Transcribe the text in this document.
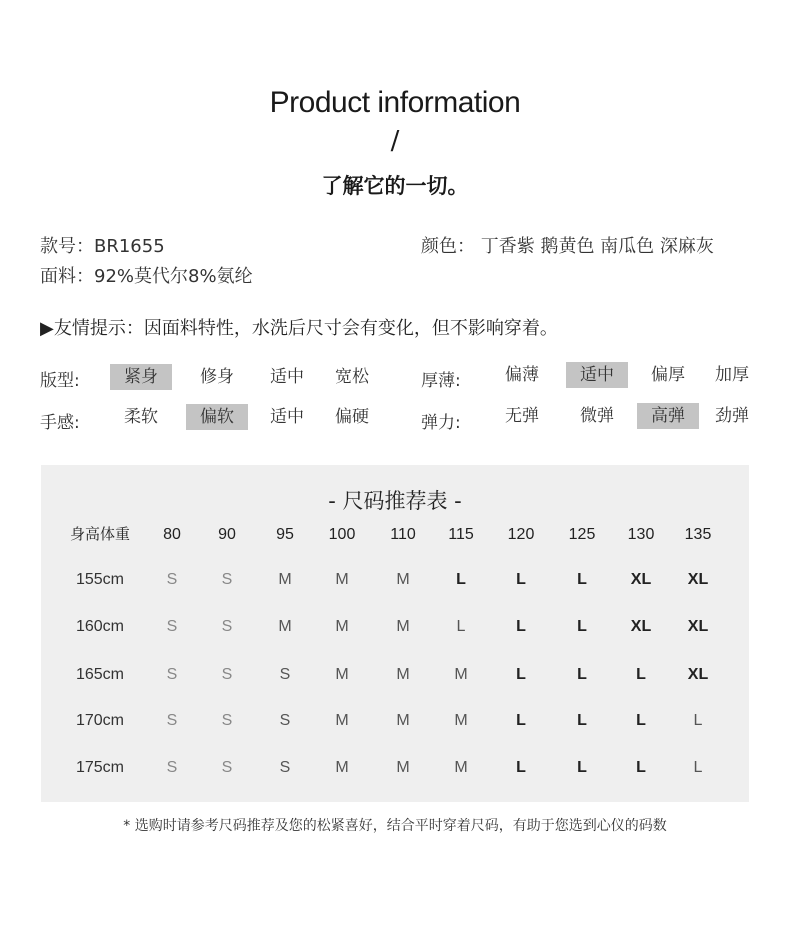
Product information
/
了解它的一切。
款号：BR1655
面料：92%莫代尔8%氨纶
颜色： 丁香紫 鹅黄色 南瓜色 深麻灰
▶友情提示：因面料特性，水洗后尺寸会有变化，但不影响穿着。
版型:	紧身	修身	适中	宽松	厚薄:	偏薄	适中	偏厚	加厚
手感:	柔软	偏软	适中	偏硬	弹力:	无弹	微弹	高弹	劲弹
- 尺码推荐表 -
身高体重	80	90	95	100	110	115	120	125	130	135
155cm	S	S	M	M	M	L	L	L	XL	XL
160cm	S	S	M	M	M	L	L	L	XL	XL
165cm	S	S	S	M	M	M	L	L	L	XL
170cm	S	S	S	M	M	M	L	L	L	L
175cm	S	S	S	M	M	M	L	L	L	L
* 选购时请参考尺码推荐及您的松紧喜好，结合平时穿着尺码，有助于您选到心仪的码数
